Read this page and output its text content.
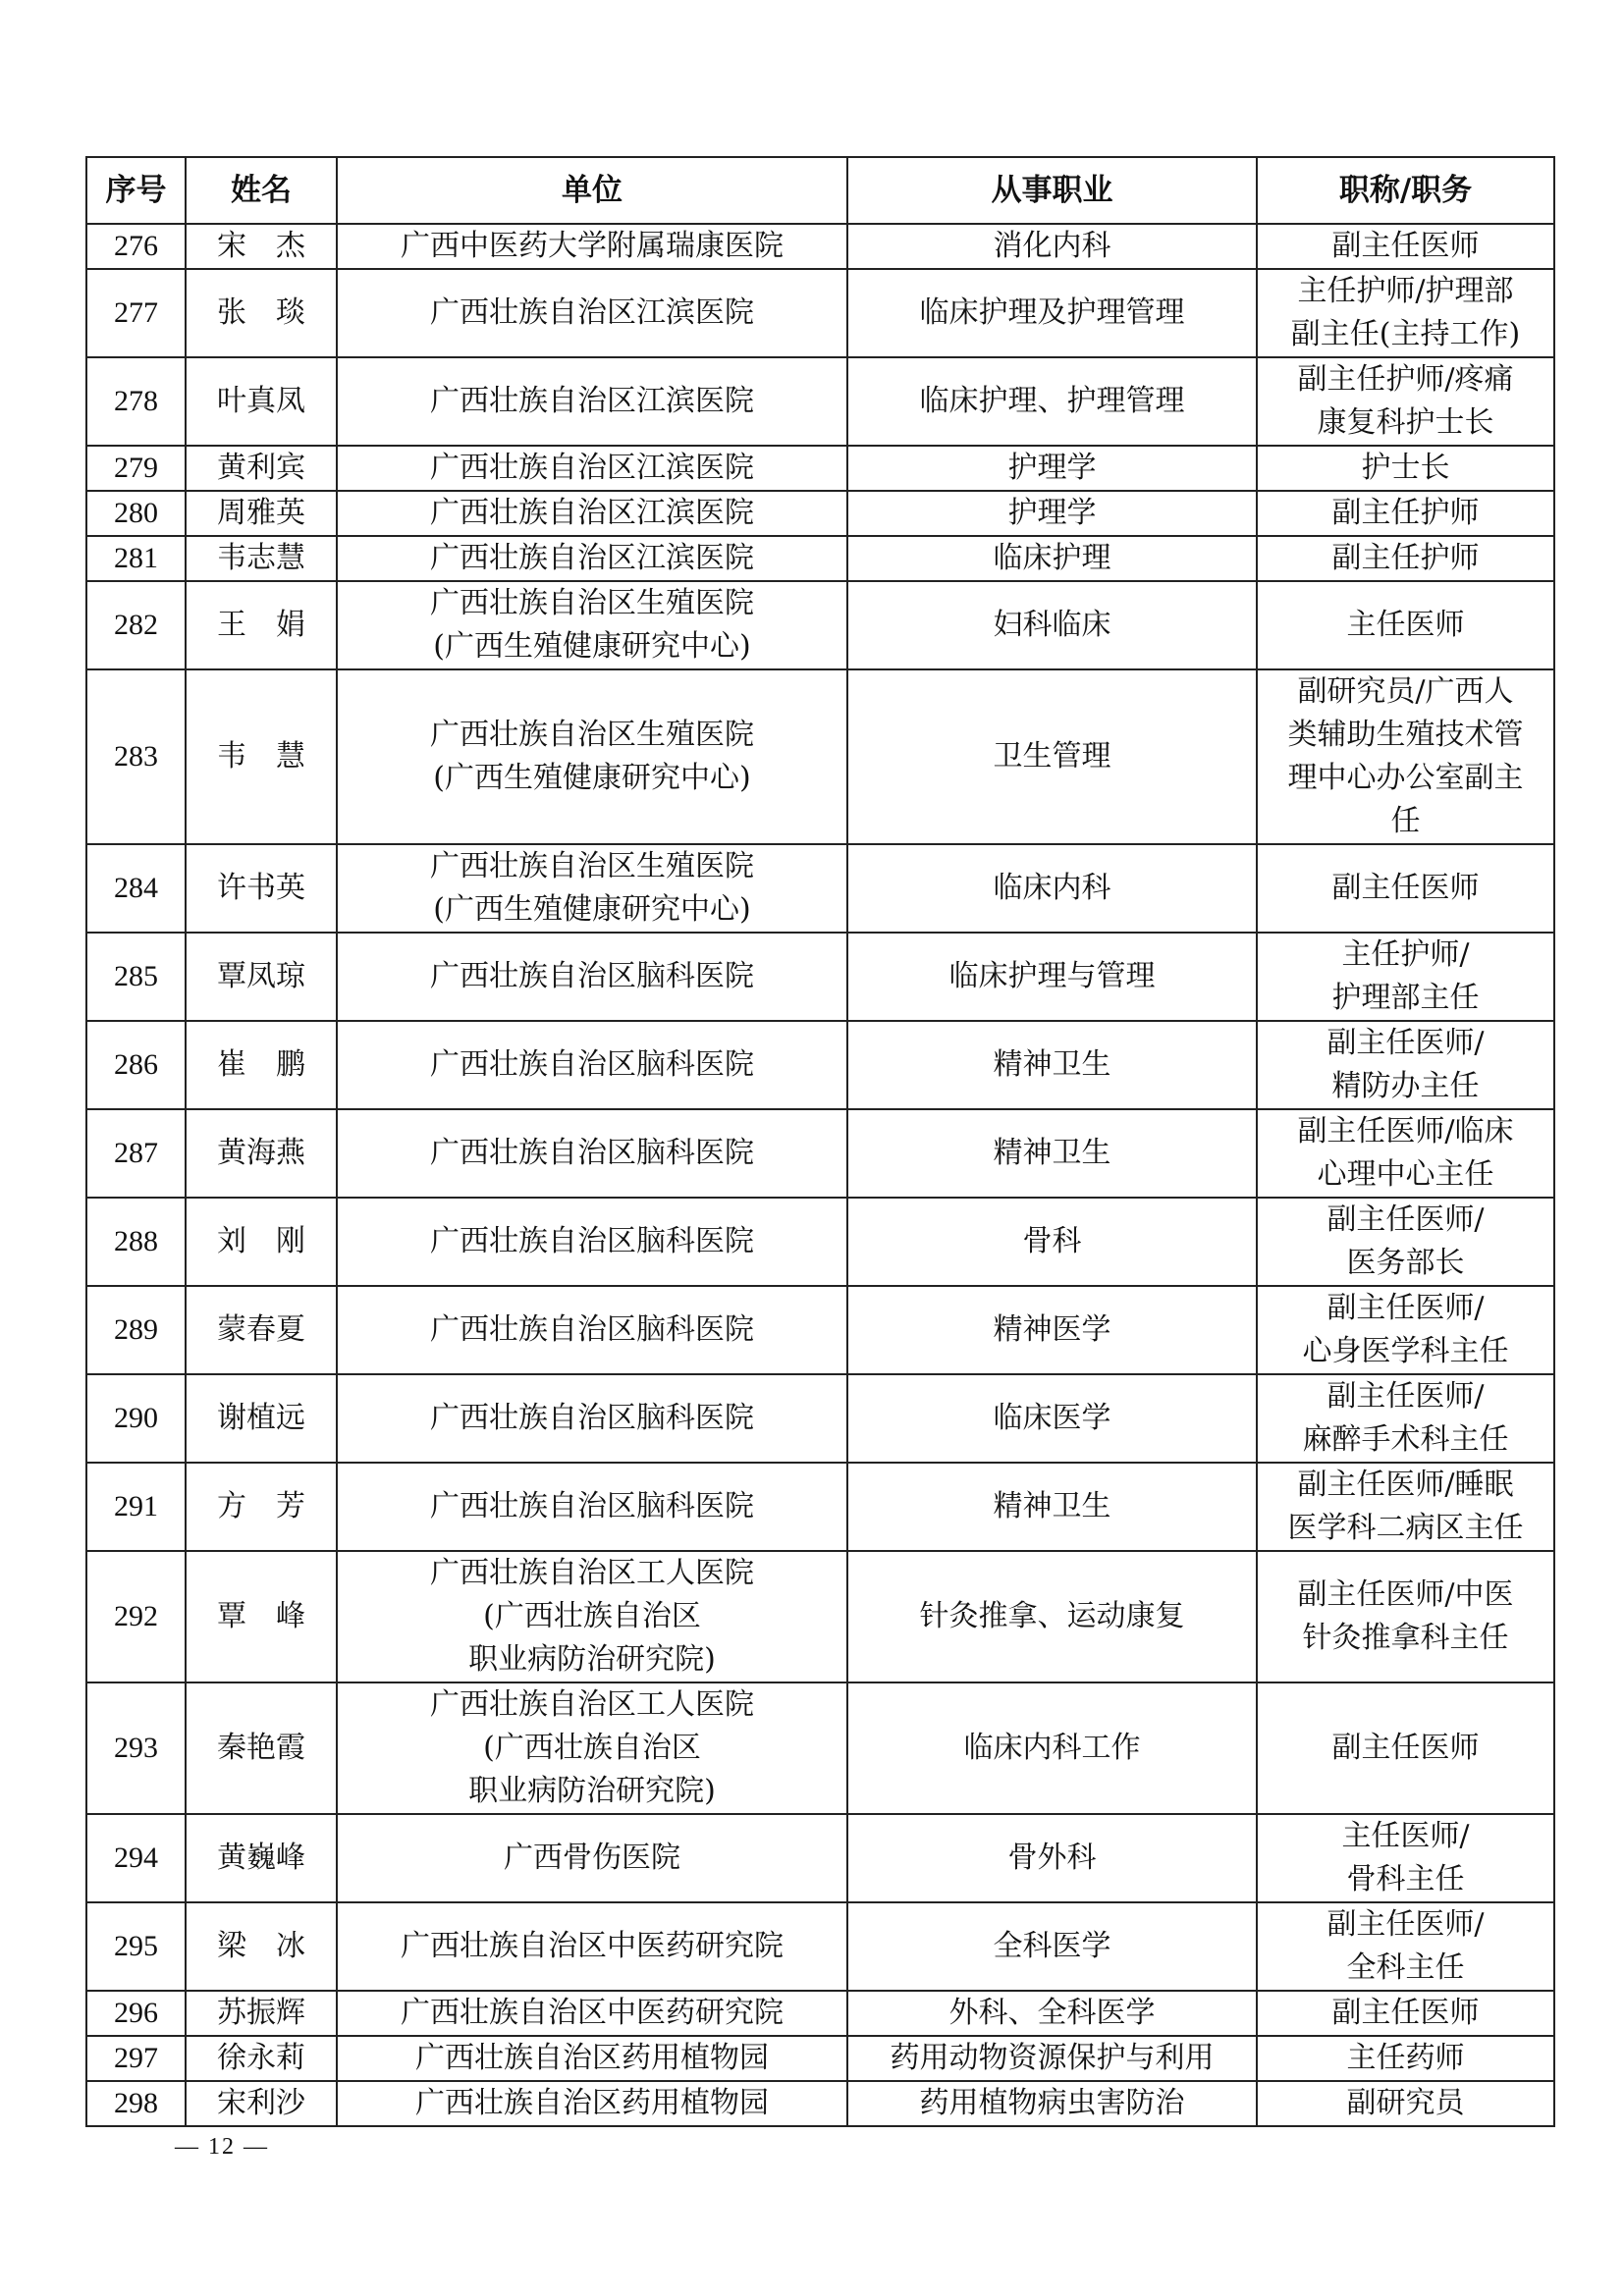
序号	姓名	单位	从事职业	职称/职务
276	宋　杰	广西中医药大学附属瑞康医院	消化内科	副主任医师

277	张　琰	广西壮族自治区江滨医院	临床护理及护理管理	主任护师/护理部
副主任(主持工作)

278	叶真凤	广西壮族自治区江滨医院	临床护理、护理管理	副主任护师/疼痛
康复科护士长

279	黄利宾	广西壮族自治区江滨医院	护理学	护士长

280	周雅英	广西壮族自治区江滨医院	护理学	副主任护师

281	韦志慧	广西壮族自治区江滨医院	临床护理	副主任护师

282	王　娟	广西壮族自治区生殖医院
(广西生殖健康研究中心)	妇科临床	主任医师

283	韦　慧	广西壮族自治区生殖医院
(广西生殖健康研究中心)	卫生管理	副研究员/广西人
类辅助生殖技术管
理中心办公室副主
任

284	许书英	广西壮族自治区生殖医院
(广西生殖健康研究中心)	临床内科	副主任医师

285	覃凤琼	广西壮族自治区脑科医院	临床护理与管理	主任护师/
护理部主任

286	崔　鹏	广西壮族自治区脑科医院	精神卫生	副主任医师/
精防办主任

287	黄海燕	广西壮族自治区脑科医院	精神卫生	副主任医师/临床
心理中心主任

288	刘　刚	广西壮族自治区脑科医院	骨科	副主任医师/
医务部长

289	蒙春夏	广西壮族自治区脑科医院	精神医学	副主任医师/
心身医学科主任

290	谢植远	广西壮族自治区脑科医院	临床医学	副主任医师/
麻醉手术科主任

291	方　芳	广西壮族自治区脑科医院	精神卫生	副主任医师/睡眠
医学科二病区主任

292	覃　峰	广西壮族自治区工人医院
(广西壮族自治区
职业病防治研究院)	针灸推拿、运动康复	副主任医师/中医
针灸推拿科主任

293	秦艳霞	广西壮族自治区工人医院
(广西壮族自治区
职业病防治研究院)	临床内科工作	副主任医师

294	黄巍峰	广西骨伤医院	骨外科	主任医师/
骨科主任

295	梁　冰	广西壮族自治区中医药研究院	全科医学	副主任医师/
全科主任

296	苏振辉	广西壮族自治区中医药研究院	外科、全科医学	副主任医师

297	徐永莉	广西壮族自治区药用植物园	药用动物资源保护与利用	主任药师

298	宋利沙	广西壮族自治区药用植物园	药用植物病虫害防治	副研究员
— 12 —
